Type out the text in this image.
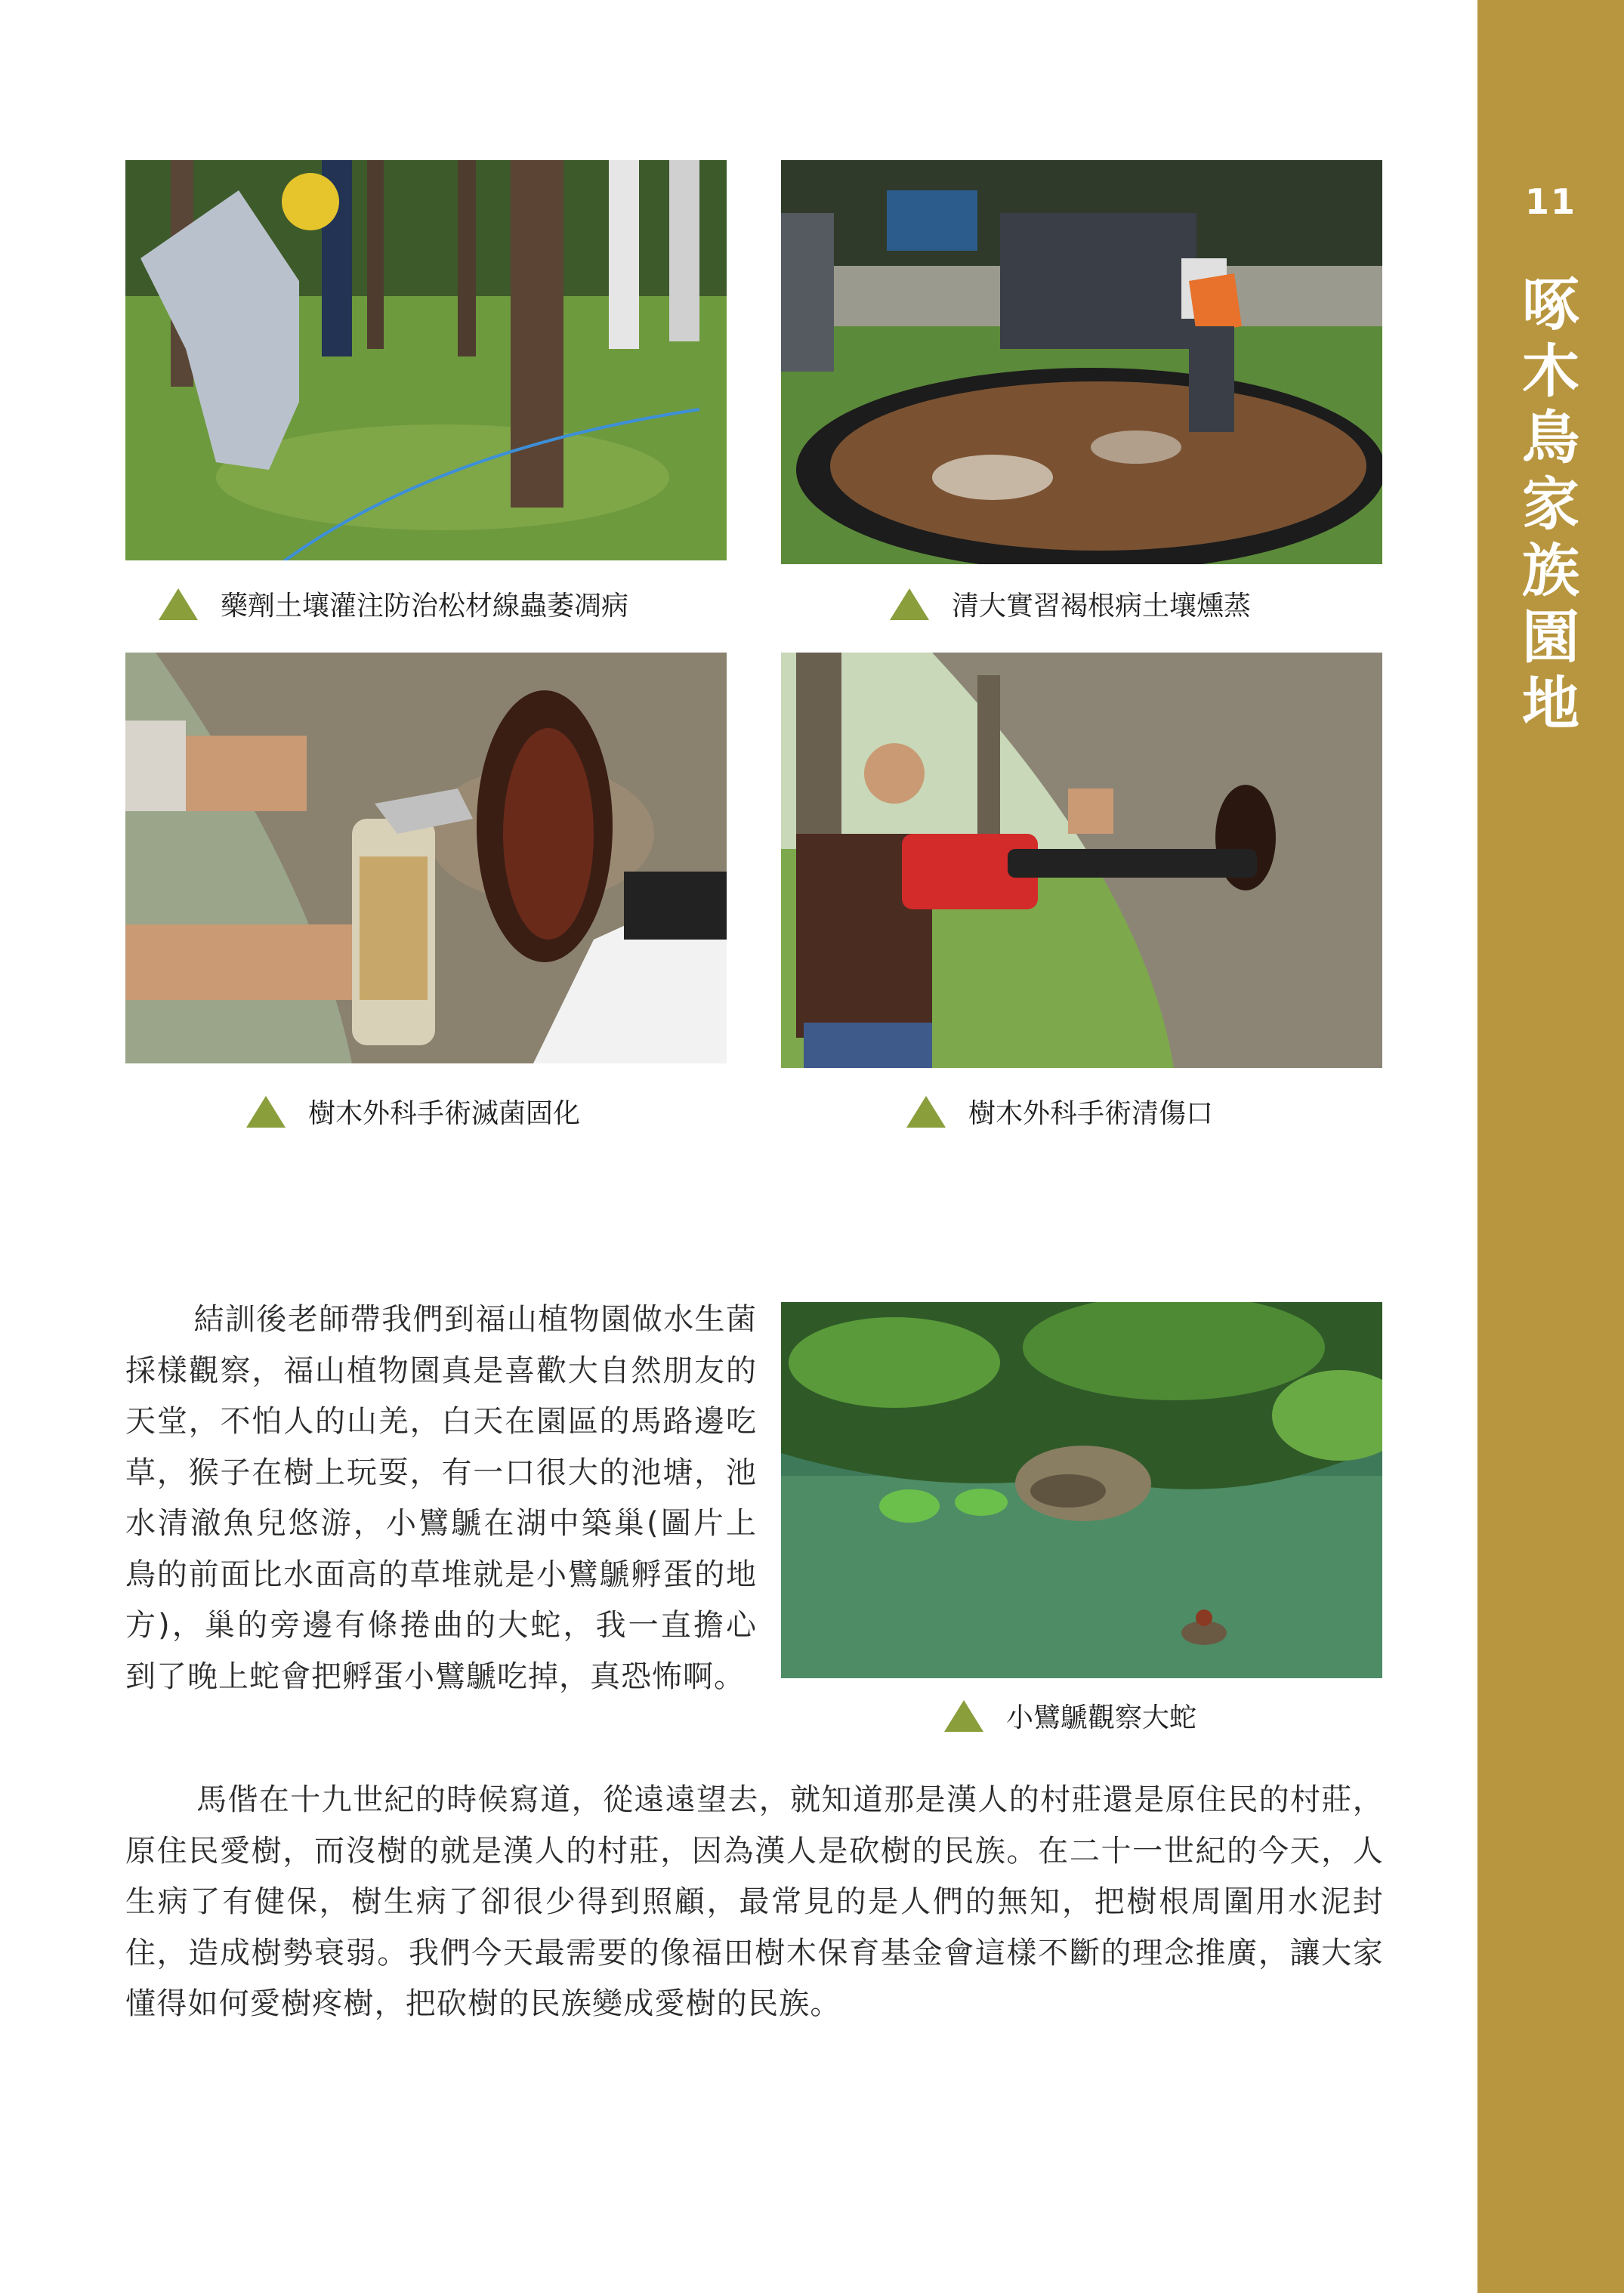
11
啄
木
鳥
家
族
園
地
藥劑土壤灌注防治松材線蟲萎凋病	清大實習褐根病土壤燻蒸
樹木外科手術滅菌固化	樹木外科手術清傷口
結訓後老師帶我們到福山植物園做水生菌採樣觀察，福山植物園真是喜歡大自然朋友的天堂，不怕人的山羌，白天在園區的馬路邊吃草，猴子在樹上玩耍，有一口很大的池塘，池水清澈魚兒悠游，小鷿鷈在湖中築巢(圖片上鳥的前面比水面高的草堆就是小鷿鷈孵蛋的地方)，巢的旁邊有條捲曲的大蛇，我一直擔心到了晚上蛇會把孵蛋小鷿鷈吃掉，真恐怖啊。
小鷿鷈觀察大蛇
馬偕在十九世紀的時候寫道，從遠遠望去，就知道那是漢人的村莊還是原住民的村莊，原住民愛樹，而沒樹的就是漢人的村莊，因為漢人是砍樹的民族。在二十一世紀的今天，人生病了有健保，樹生病了卻很少得到照顧，最常見的是人們的無知，把樹根周圍用水泥封住，造成樹勢衰弱。我們今天最需要的像福田樹木保育基金會這樣不斷的理念推廣，讓大家懂得如何愛樹疼樹，把砍樹的民族變成愛樹的民族。
